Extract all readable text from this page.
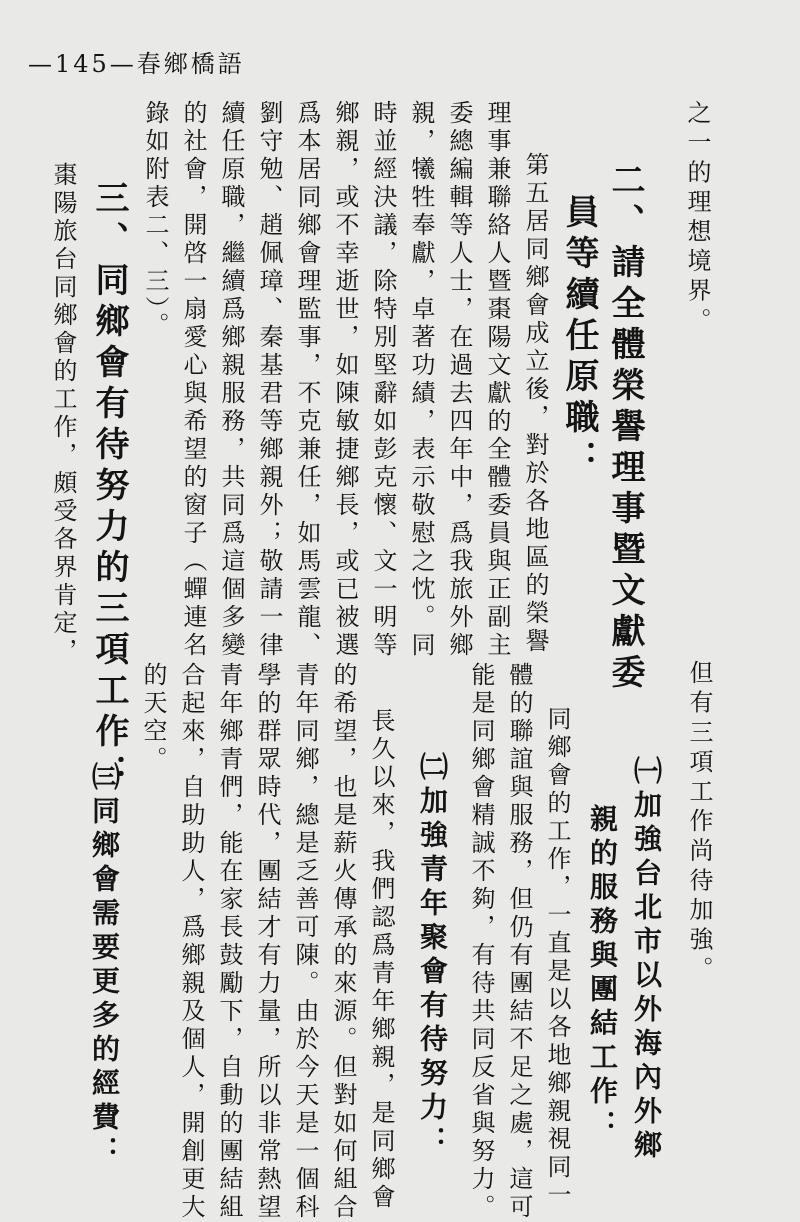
—145—春鄉橋語
之一的理想境界。
二、請全體榮譽理事暨文獻委
員等續任原職：
第五居同鄉會成立後，對於各地區的榮譽
理事兼聯絡人暨棗陽文獻的全體委員與正副主
委總編輯等人士，在過去四年中，爲我旅外鄉
親，犧牲奉獻，卓著功績，表示敬慰之忱。同
時並經決議，除特別堅辭如彭克懷、文一明等
鄉親，或不幸逝世，如陳敏捷鄉長，或已被選
爲本居同鄉會理監事，不克兼任，如馬雲龍、
劉守勉、趙佩璋、秦基君等鄉親外；敬請一律
續任原職，繼續爲鄉親服務，共同爲這個多變
的社會，開啓一扇愛心與希望的窗子（蟬連名
錄如附表二、三）。
三、同鄉會有待努力的三項工作：
棗陽旅台同鄉會的工作，頗受各界肯定，
但有三項工作尚待加強。
㈠加強台北市以外海內外鄉
親的服務與團結工作：
同鄉會的工作，一直是以各地鄉親視同一
體的聯誼與服務，但仍有團結不足之處，這可
能是同鄉會精誠不夠，有待共同反省與努力。
㈡加強青年聚會有待努力：
長久以來，我們認爲青年鄉親，是同鄉會
的希望，也是薪火傳承的來源。但對如何組合
青年同鄉，總是乏善可陳。由於今天是一個科
學的群眾時代，團結才有力量，所以非常熱望
青年鄉青們，能在家長鼓勵下，自動的團結組
合起來，自助助人，爲鄉親及個人，開創更大
的天空。
㈢同鄉會需要更多的經費：
